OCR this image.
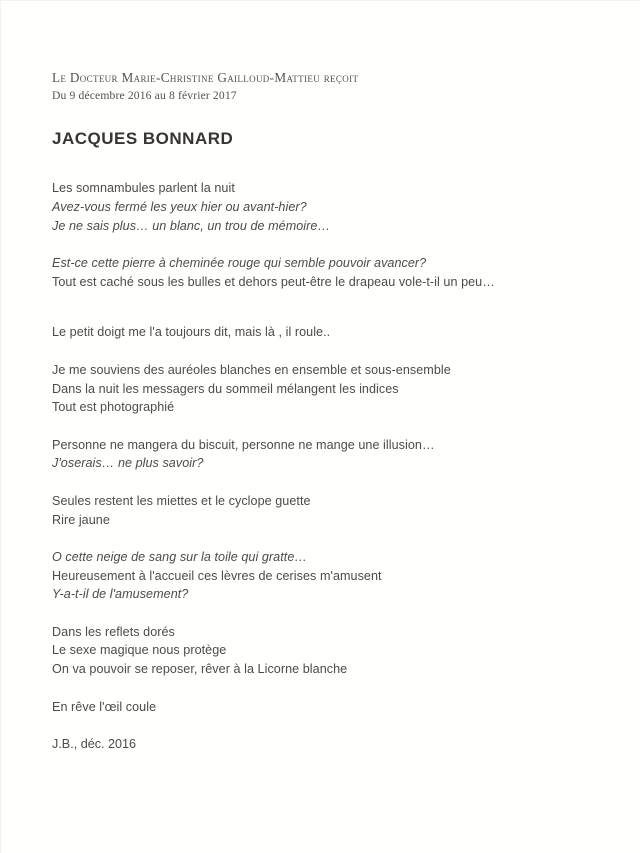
Le Docteur Marie-Christine Gailloud-Mattieu reçoit
Du 9 décembre 2016 au 8 février 2017
JACQUES BONNARD
Les somnambules parlent la nuit
Avez-vous fermé les yeux hier ou avant-hier?
Je ne sais plus… un blanc, un trou de mémoire…
Est-ce cette pierre à cheminée rouge qui semble pouvoir avancer?
Tout est caché sous les bulles et dehors peut-être le drapeau vole-t-il un peu…
Le petit doigt me l'a toujours dit, mais là , il roule..
Je me souviens des auréoles blanches en ensemble et sous-ensemble
Dans la nuit les messagers du sommeil mélangent les indices
Tout est photographié
Personne ne mangera du biscuit, personne ne mange une illusion…
J'oserais… ne plus savoir?
Seules restent les miettes et le cyclope guette
Rire jaune
O cette neige de sang sur la toile qui gratte…
Heureusement à l'accueil ces lèvres de cerises m'amusent
Y-a-t-il de l'amusement?
Dans les reflets dorés
Le sexe magique nous protège
On va pouvoir se reposer, rêver à la Licorne blanche
En rêve l'œil coule
J.B., déc. 2016
